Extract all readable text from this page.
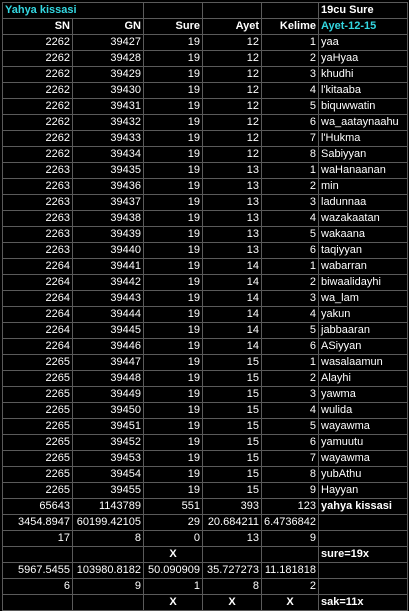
Yahya kissasi					19cu Sure
SN	GN	Sure	Ayet	Kelime	Ayet-12-15
2262	39427	19	12	1	yaa
2262	39428	19	12	2	yaHyaa
2262	39429	19	12	3	khudhi
2262	39430	19	12	4	l'kitaaba
2262	39431	19	12	5	biquwwatin
2262	39432	19	12	6	wa_aataynaahu
2262	39433	19	12	7	l'Hukma
2262	39434	19	12	8	Sabiyyan
2263	39435	19	13	1	waHanaanan
2263	39436	19	13	2	min
2263	39437	19	13	3	ladunnaa
2263	39438	19	13	4	wazakaatan
2263	39439	19	13	5	wakaana
2263	39440	19	13	6	taqiyyan
2264	39441	19	14	1	wabarran
2264	39442	19	14	2	biwaalidayhi
2264	39443	19	14	3	wa_lam
2264	39444	19	14	4	yakun
2264	39445	19	14	5	jabbaaran
2264	39446	19	14	6	ASiyyan
2265	39447	19	15	1	wasalaamun
2265	39448	19	15	2	Alayhi
2265	39449	19	15	3	yawma
2265	39450	19	15	4	wulida
2265	39451	19	15	5	wayawma
2265	39452	19	15	6	yamuutu
2265	39453	19	15	7	wayawma
2265	39454	19	15	8	yubAthu
2265	39455	19	15	9	Hayyan
65643	1143789	551	393	123	yahya kissasi
3454.8947	60199.42105	29	20.684211	6.4736842	
17	8	0	13	9	
		X			sure=19x
5967.5455	103980.8182	50.090909	35.727273	11.181818	
6	9	1	8	2	
		X	X	X	sak=11x
